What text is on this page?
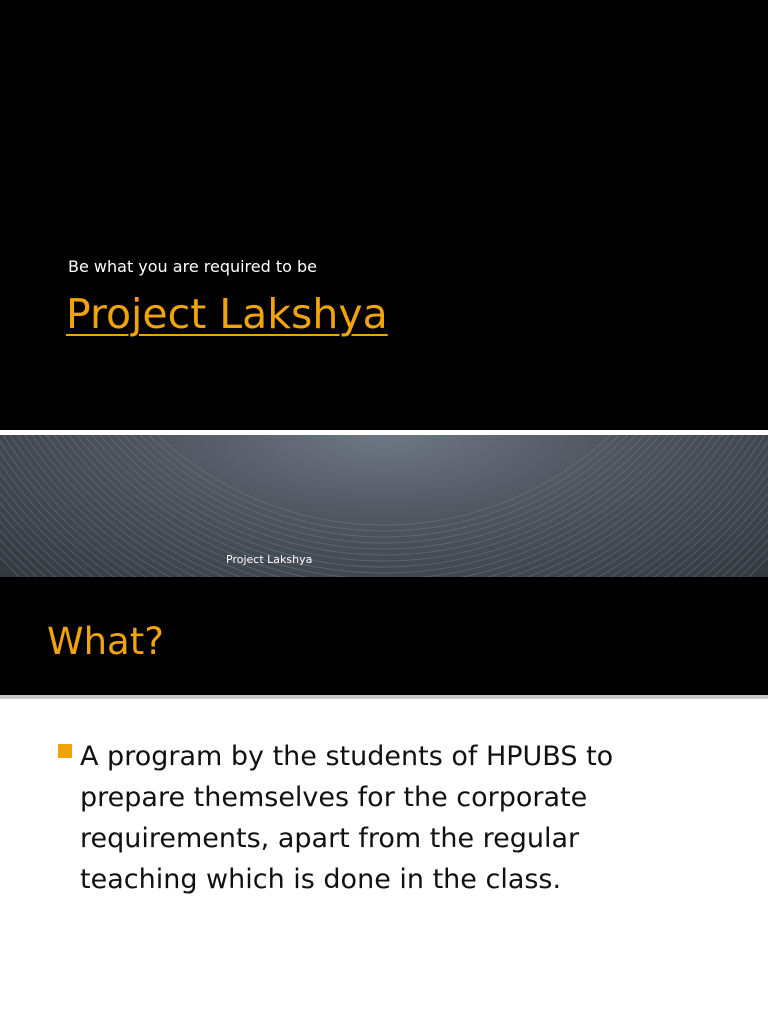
Be what you are required to be
Project Lakshya
Project Lakshya
What?
A program by the students of HPUBS to prepare themselves for the corporate requirements, apart from the regular teaching which is done in the class.
